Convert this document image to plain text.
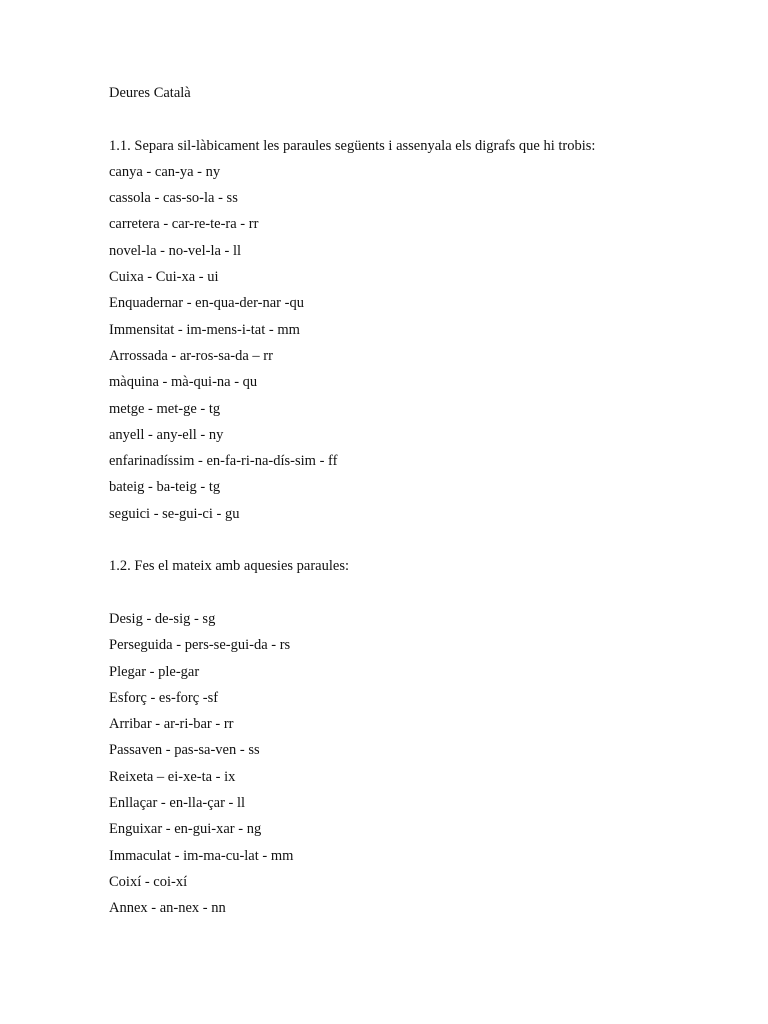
Deures Català
1.1. Separa sil-làbicament les paraules següents i assenyala els digrafs que hi trobis:
canya - can-ya - ny
cassola - cas-so-la - ss
carretera - car-re-te-ra - rr
novel-la - no-vel-la - ll
Cuixa - Cui-xa - ui
Enquadernar - en-qua-der-nar -qu
Immensitat - im-mens-i-tat - mm
Arrossada - ar-ros-sa-da – rr
màquina - mà-qui-na - qu
metge - met-ge - tg
anyell - any-ell - ny
enfarinadíssim - en-fa-ri-na-dís-sim - ff
bateig - ba-teig - tg
seguici - se-gui-ci - gu
1.2. Fes el mateix amb aquesies paraules:
Desig - de-sig - sg
Perseguida - pers-se-gui-da - rs
Plegar - ple-gar
Esforç - es-forç -sf
Arribar - ar-ri-bar - rr
Passaven - pas-sa-ven - ss
Reixeta – ei-xe-ta - ix
Enllaçar - en-lla-çar - ll
Enguixar - en-gui-xar - ng
Immaculat - im-ma-cu-lat - mm
Coixí - coi-xí
Annex - an-nex - nn
